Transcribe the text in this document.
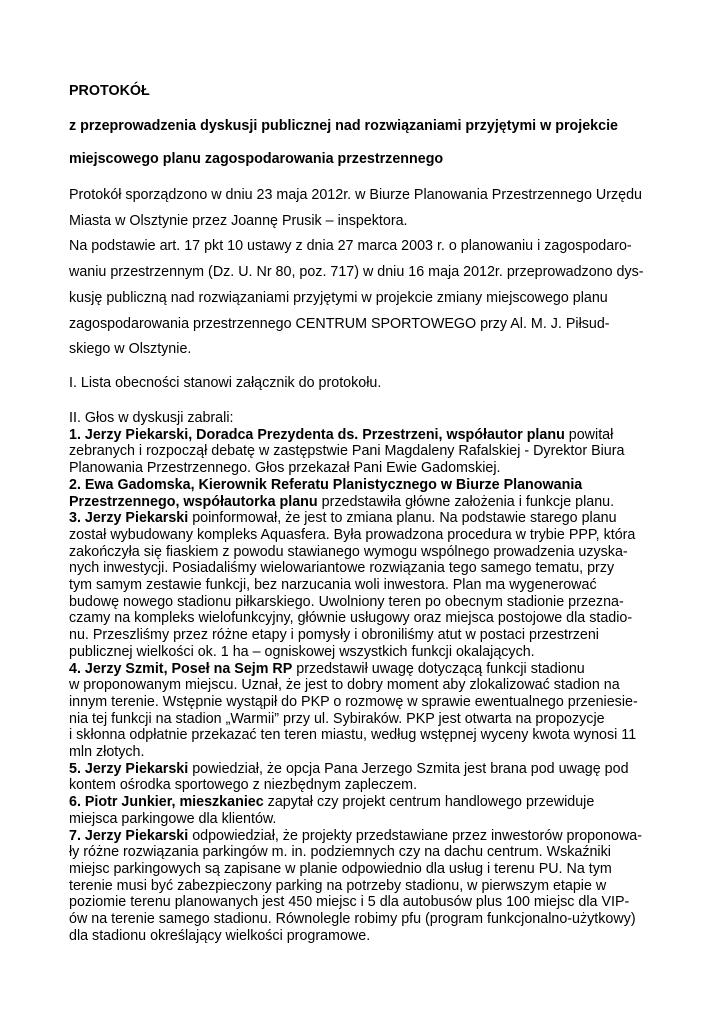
PROTOKÓŁ
z przeprowadzenia dyskusji publicznej nad rozwiązaniami przyjętymi w projekcie
miejscowego planu zagospodarowania przestrzennego

Protokół sporządzono w dniu 23 maja 2012r. w Biurze Planowania Przestrzennego Urzędu
Miasta w Olsztynie przez Joannę Prusik – inspektora.

Na podstawie art. 17 pkt 10 ustawy z dnia 27 marca 2003 r. o planowaniu i zagospodaro-
waniu przestrzennym (Dz. U. Nr 80, poz. 717) w dniu 16 maja 2012r. przeprowadzono dys-
kusję publiczną nad rozwiązaniami przyjętymi w projekcie zmiany miejscowego planu
zagospodarowania przestrzennego CENTRUM SPORTOWEGO przy Al. M. J. Piłsud-
skiego w Olsztynie.

I. Lista obecności stanowi załącznik do protokołu.
II. Głos w dyskusji zabrali:

1. Jerzy Piekarski, Doradca Prezydenta ds. Przestrzeni, współautor planu powitał
zebranych i rozpoczął debatę w zastępstwie Pani Magdaleny Rafalskiej - Dyrektor Biura
Planowania Przestrzennego. Głos przekazał Pani Ewie Gadomskiej.

2. Ewa Gadomska, Kierownik Referatu Planistycznego w Biurze Planowania
Przestrzennego, współautorka planu przedstawiła główne założenia i funkcje planu.

3. Jerzy Piekarski poinformował, że jest to zmiana planu. Na podstawie starego planu
został wybudowany kompleks Aquasfera. Była prowadzona procedura w trybie PPP, która
zakończyła się fiaskiem z powodu stawianego wymogu wspólnego prowadzenia uzyska-
nych inwestycji. Posiadaliśmy wielowariantowe rozwiązania tego samego tematu, przy
tym samym zestawie funkcji, bez narzucania woli inwestora. Plan ma wygenerować
budowę nowego stadionu piłkarskiego. Uwolniony teren po obecnym stadionie przezna-
czamy na kompleks wielofunkcyjny, głównie usługowy oraz miejsca postojowe dla stadio-
nu. Przeszliśmy przez różne etapy i pomysły i obroniliśmy atut w postaci przestrzeni
publicznej wielkości ok. 1 ha – ogniskowej wszystkich funkcji okalających.

4. Jerzy Szmit, Poseł na Sejm RP przedstawił uwagę dotyczącą funkcji stadionu
w proponowanym miejscu. Uznał, że jest to dobry moment aby zlokalizować stadion na
innym terenie. Wstępnie wystąpił do PKP o rozmowę w sprawie ewentualnego przeniesie-
nia tej funkcji na stadion „Warmii” przy ul. Sybiraków. PKP jest otwarta na propozycje
i skłonna odpłatnie przekazać ten teren miastu, według wstępnej wyceny kwota wynosi 11
mln złotych.

5. Jerzy Piekarski powiedział, że opcja Pana Jerzego Szmita jest brana pod uwagę pod
kontem ośrodka sportowego z niezbędnym zapleczem.

6. Piotr Junkier, mieszkaniec zapytał czy projekt centrum handlowego przewiduje
miejsca parkingowe dla klientów.

7. Jerzy Piekarski odpowiedział, że projekty przedstawiane przez inwestorów proponowa-
ły różne rozwiązania parkingów m. in. podziemnych czy na dachu centrum. Wskaźniki
miejsc parkingowych są zapisane w planie odpowiednio dla usług i terenu PU. Na tym
terenie musi być zabezpieczony parking na potrzeby stadionu, w pierwszym etapie w
poziomie terenu planowanych jest 450 miejsc i 5 dla autobusów plus 100 miejsc dla VIP-
ów na terenie samego stadionu. Równolegle robimy pfu (program funkcjonalno-użytkowy)
dla stadionu określający wielkości programowe.
